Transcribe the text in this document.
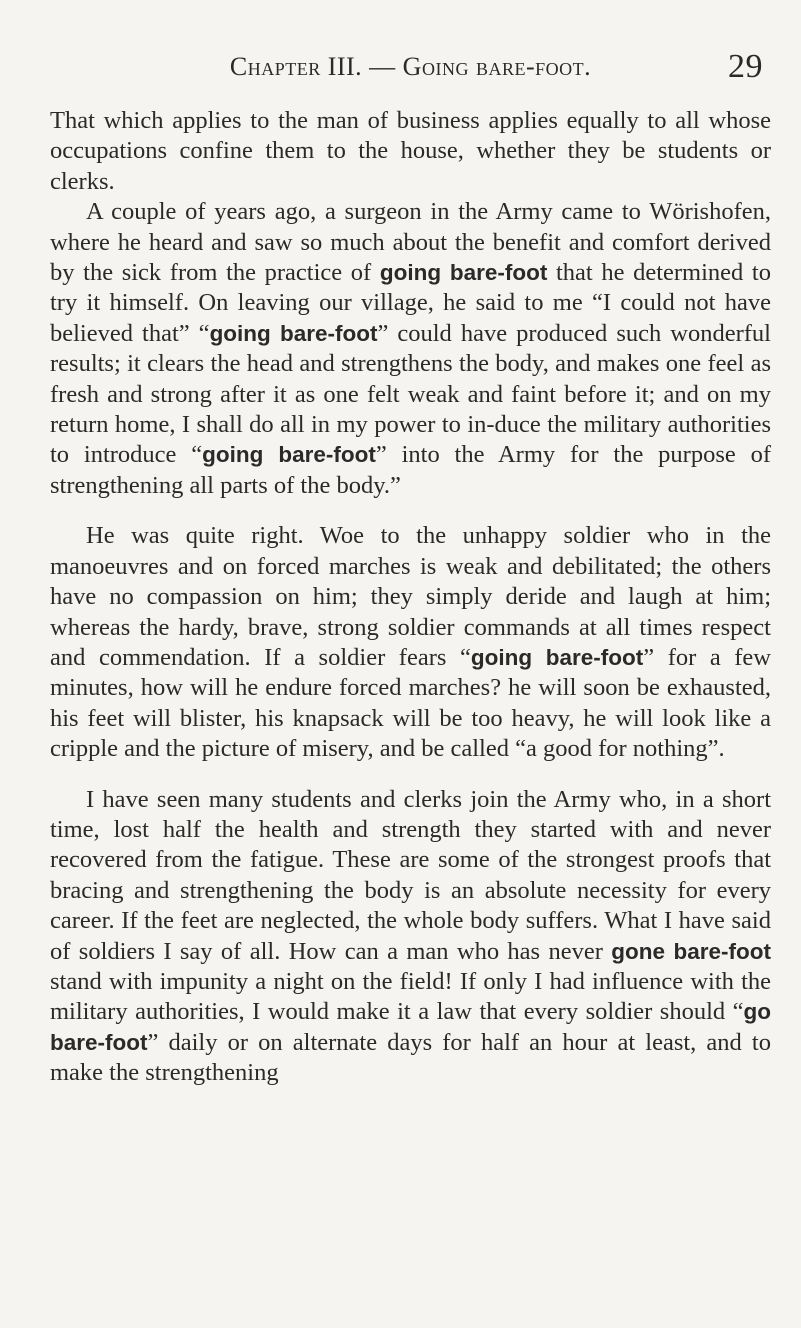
Chapter III. — Going bare-foot.	29

That which applies to the man of business applies equally to all whose occupations confine them to the house, whether they be students or clerks.

A couple of years ago, a surgeon in the Army came to Wörishofen, where he heard and saw so much about the benefit and comfort derived by the sick from the practice of going bare-foot that he determined to try it himself. On leaving our village, he said to me “I could not have believed that” “going bare-foot” could have produced such wonderful results; it clears the head and strengthens the body, and makes one feel as fresh and strong after it as one felt weak and faint before it; and on my return home, I shall do all in my power to in-duce the military authorities to introduce “going bare-foot” into the Army for the purpose of strengthening all parts of the body.”

He was quite right. Woe to the unhappy soldier who in the manoeuvres and on forced marches is weak and debilitated; the others have no compassion on him; they simply deride and laugh at him; whereas the hardy, brave, strong soldier commands at all times respect and commendation. If a soldier fears “going bare-foot” for a few minutes, how will he endure forced marches? he will soon be exhausted, his feet will blister, his knapsack will be too heavy, he will look like a cripple and the picture of misery, and be called “a good for nothing”.

I have seen many students and clerks join the Army who, in a short time, lost half the health and strength they started with and never recovered from the fatigue. These are some of the strongest proofs that bracing and strengthening the body is an absolute necessity for every career. If the feet are neglected, the whole body suffers. What I have said of soldiers I say of all. How can a man who has never gone bare-foot stand with impunity a night on the field! If only I had influence with the military authorities, I would make it a law that every soldier should “go bare-foot” daily or on alternate days for half an hour at least, and to make the strengthening
